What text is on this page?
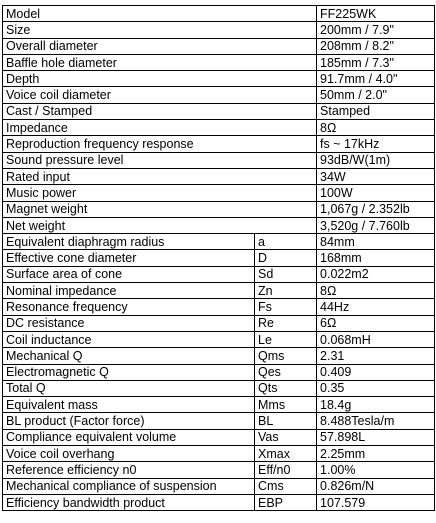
Model		FF225WK
Size		200mm / 7.9"
Overall diameter		208mm / 8.2"
Baffle hole diameter		185mm / 7.3"
Depth		91.7mm / 4.0"
Voice coil diameter		50mm / 2.0"
Cast / Stamped		Stamped
Impedance		8Ω
Reproduction frequency response		fs ~ 17kHz
Sound pressure level		93dB/W(1m)
Rated input		34W
Music power		100W
Magnet weight		1,067g / 2.352lb
Net weight		3,520g / 7.760lb
Equivalent diaphragm radius	a	84mm
Effective cone diameter	D	168mm
Surface area of cone	Sd	0.022m2
Nominal impedance	Zn	8Ω
Resonance frequency	Fs	44Hz
DC resistance	Re	6Ω
Coil inductance	Le	0.068mH
Mechanical Q	Qms	2.31
Electromagnetic Q	Qes	0.409
Total Q	Qts	0.35
Equivalent mass	Mms	18.4g
BL product (Factor force)	BL	8.488Tesla/m
Compliance equivalent volume	Vas	57.898L
Voice coil overhang	Xmax	2.25mm
Reference efficiency n0	Eff/n0	1.00%
Mechanical compliance of suspension	Cms	0.826m/N
Efficiency bandwidth product	EBP	107.579
